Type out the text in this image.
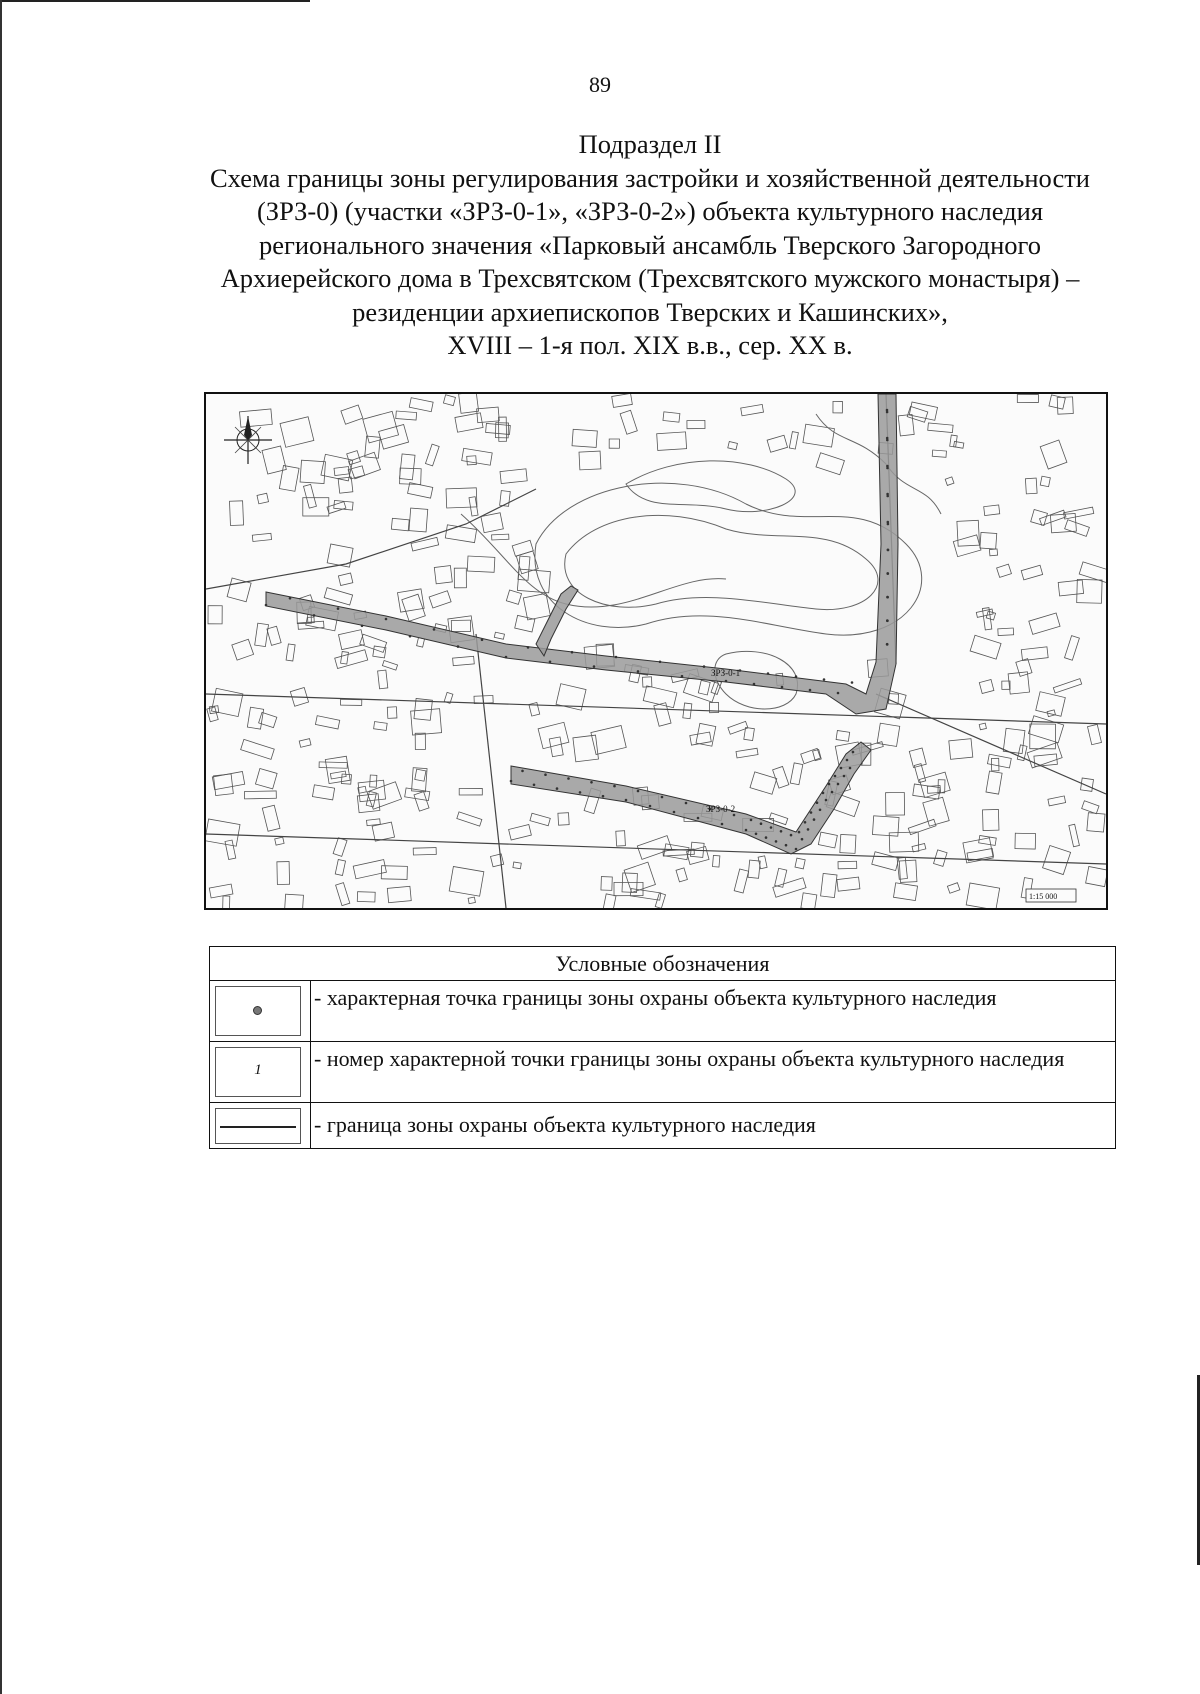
89
Подраздел II
Схема границы зоны регулирования застройки и хозяйственной деятельности
(ЗРЗ-0) (участки «ЗРЗ-0-1», «ЗРЗ-0-2») объекта культурного наследия
регионального значения «Парковый ансамбль Тверского Загородного
Архиерейского дома в Трехсвятском (Трехсвятского мужского монастыря) –
резиденции архиепископов Тверских и Кашинских»,
XVIII – 1-я пол. XIX в.в., сер. XX в.
ЗРЗ-0-1
ЗРЗ-0-2
1:15 000
Условные обозначения
- характерная точка границы зоны охраны объекта культурного наследия
1	- номер характерной точки границы зоны охраны объекта культурного наследия
- граница зоны охраны объекта культурного наследия
